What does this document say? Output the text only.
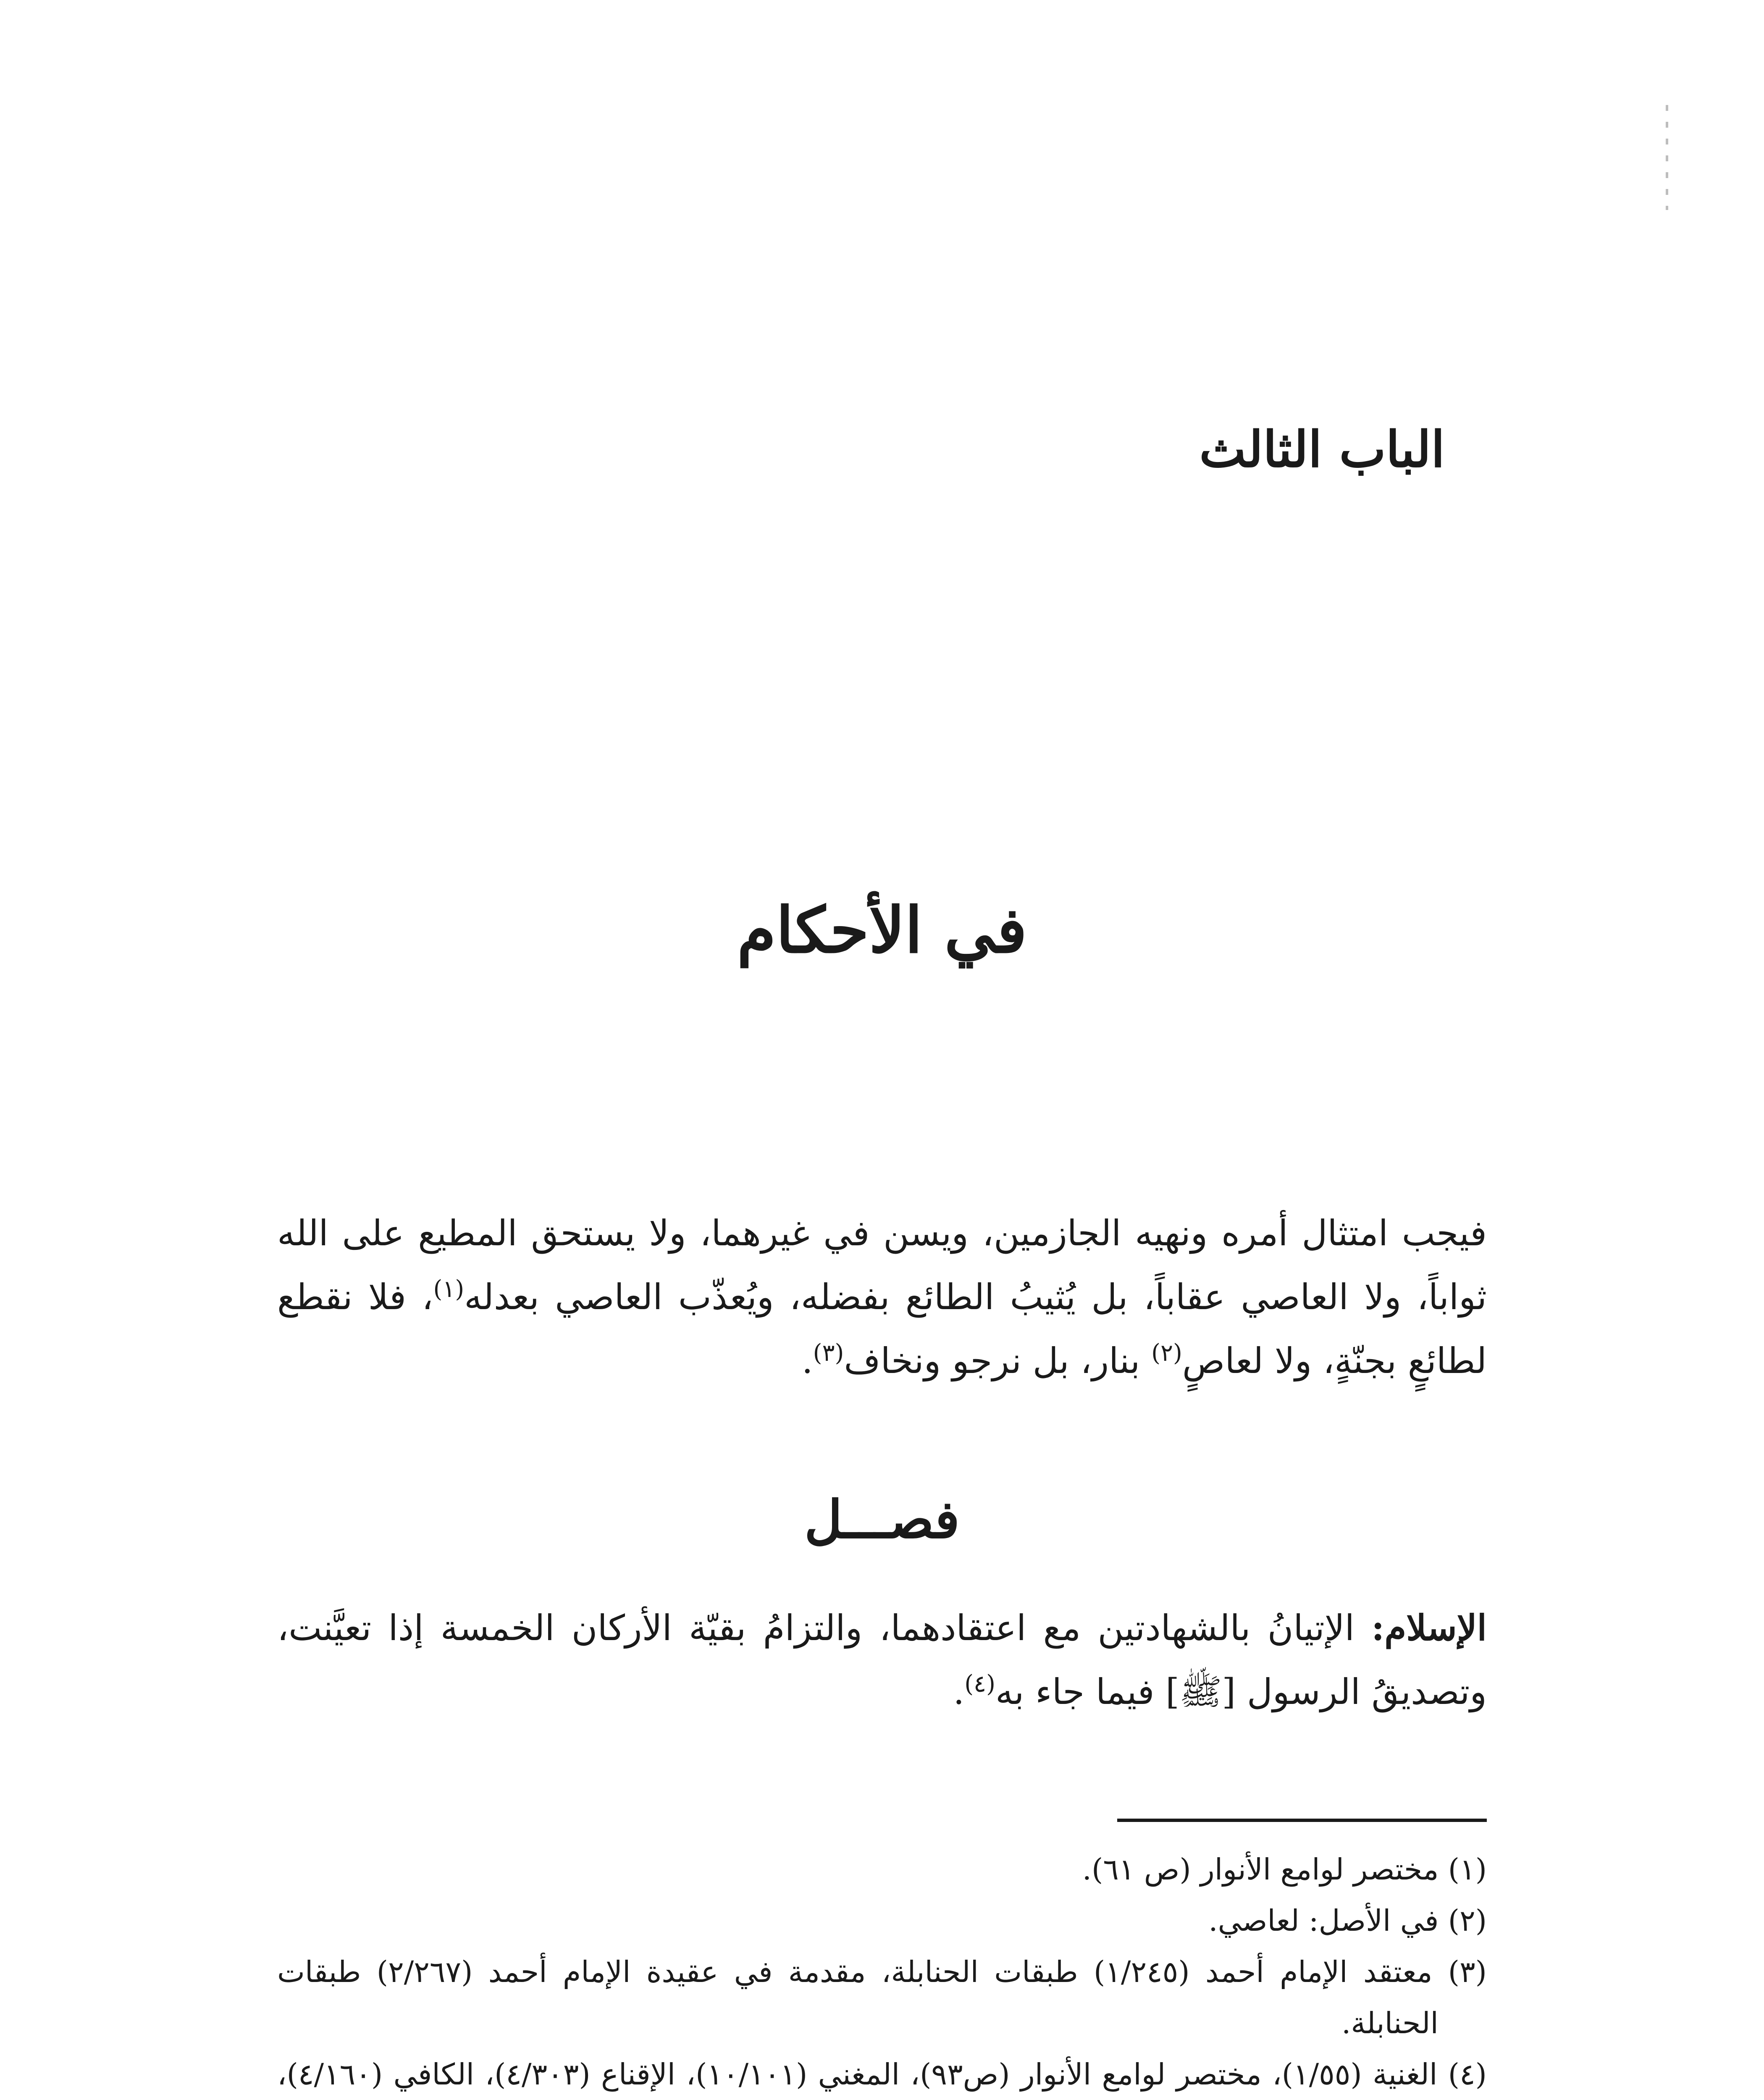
الباب الثالث
في الأحكام

فيجب امتثال أمره ونهيه الجازمين، ويسن في غيرهما، ولا يستحق المطيع على الله ثواباً، ولا العاصي عقاباً، بل يُثيبُ الطائع بفضله، ويُعذّب العاصي بعدله$^{(١)}$، فلا نقطع لطائعٍ بجنّةٍ، ولا لعاصٍ$^{(٢)}$ بنار، بل نرجو ونخاف$^{(٣)}$.

فصـــل

الإسلام: الإتيانُ بالشهادتين مع اعتقادهما، والتزامُ بقيّة الأركان الخمسة إذا تعيَّنت، وتصديقُ الرسول [ﷺ] فيما جاء به$^{(٤)}$.

(١) مختصر لوامع الأنوار (ص ٦١).
(٢) في الأصل: لعاصي.
(٣) معتقد الإمام أحمد (١/٢٤٥) طبقات الحنابلة، مقدمة في عقيدة الإمام أحمد (٢/٢٦٧) طبقات الحنابلة.
(٤) الغنية (١/٥٥)، مختصر لوامع الأنوار (ص٩٣)، المغني (١٠/١٠١)، الإقناع (٤/٣٠٣)، الكافي (٤/١٦٠)،
